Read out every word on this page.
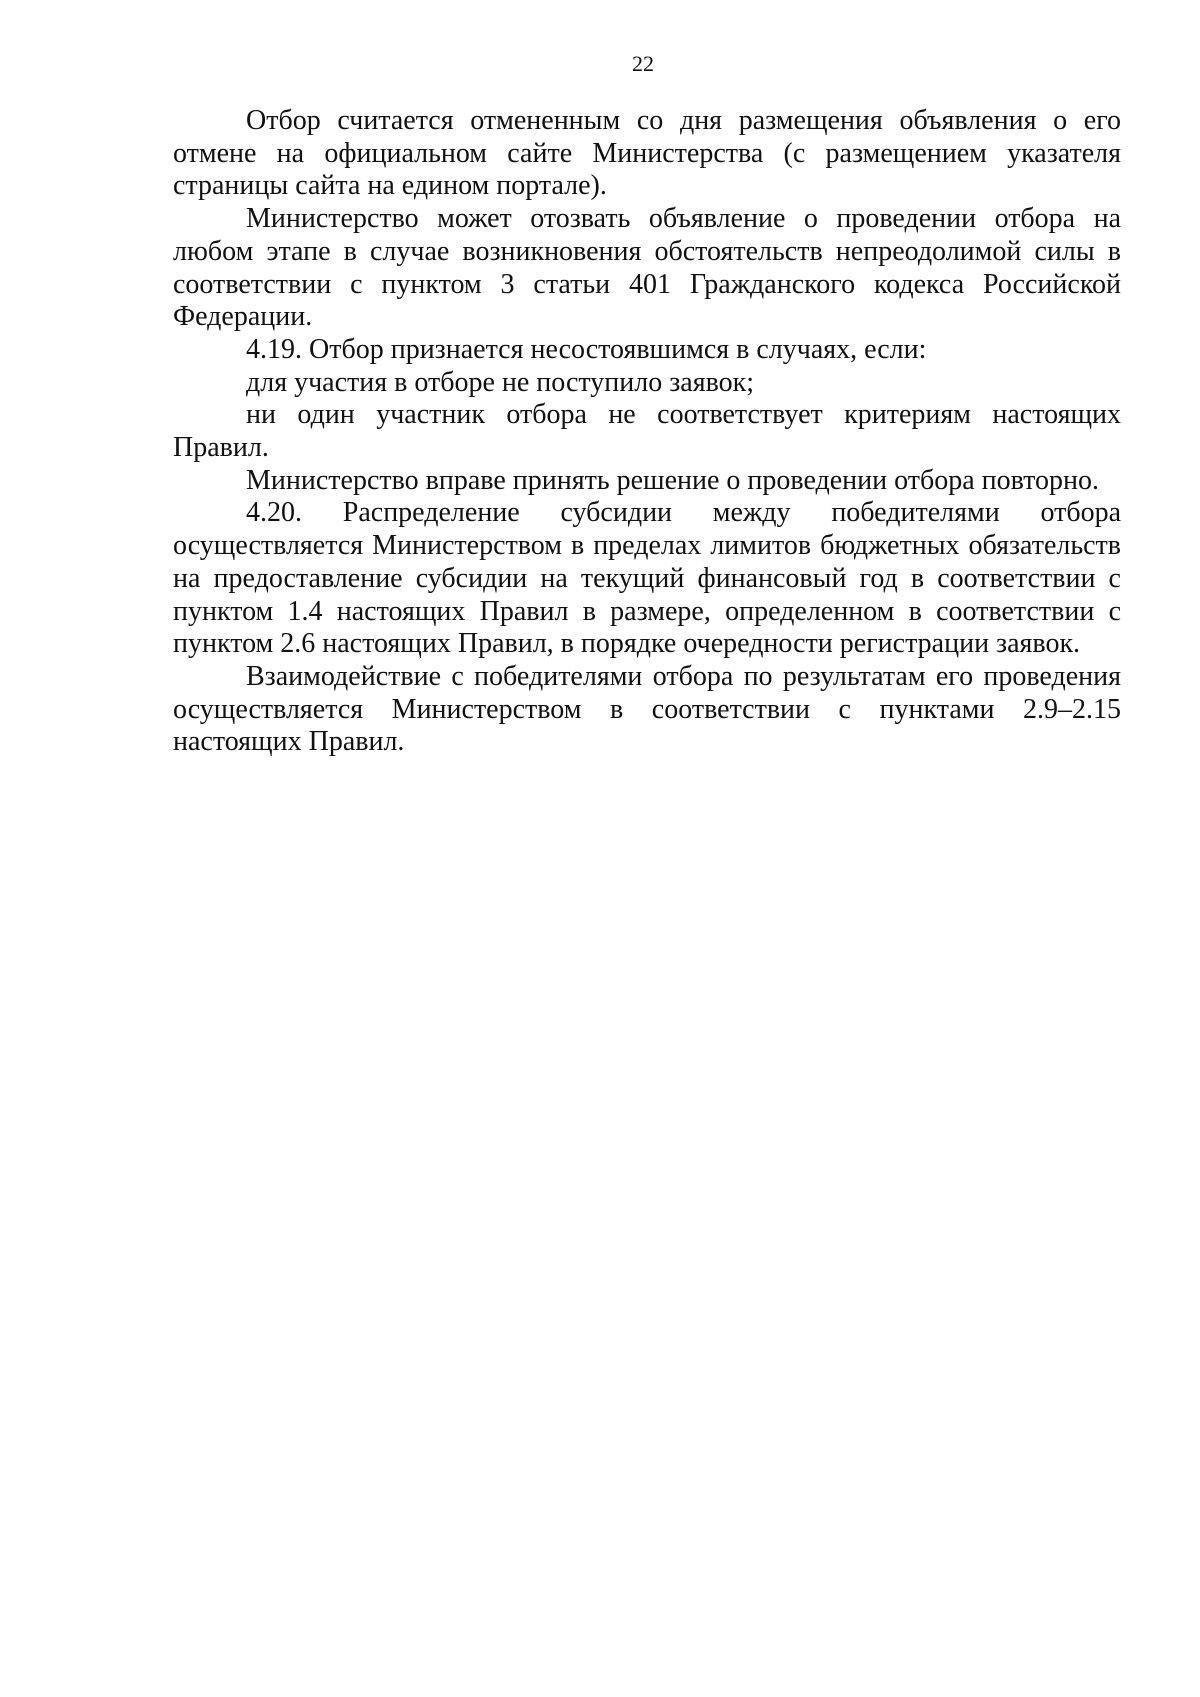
22

Отбор считается отмененным со дня размещения объявления о его отмене на официальном сайте Министерства (с размещением указателя страницы сайта на едином портале).

Министерство может отозвать объявление о проведении отбора на любом этапе в случае возникновения обстоятельств непреодолимой силы в соответствии с пунктом 3 статьи 401 Гражданского кодекса Российской Федерации.

4.19. Отбор признается несостоявшимся в случаях, если:

для участия в отборе не поступило заявок;

ни один участник отбора не соответствует критериям настоящих Правил.

Министерство вправе принять решение о проведении отбора повторно.

4.20. Распределение субсидии между победителями отбора осуществляется Министерством в пределах лимитов бюджетных обязательств на предоставление субсидии на текущий финансовый год в соответствии с пунктом 1.4 настоящих Правил в размере, определенном в соответствии с пунктом 2.6 настоящих Правил, в порядке очередности регистрации заявок.

Взаимодействие с победителями отбора по результатам его проведения осуществляется Министерством в соответствии с пунктами 2.9–2.15 настоящих Правил.
